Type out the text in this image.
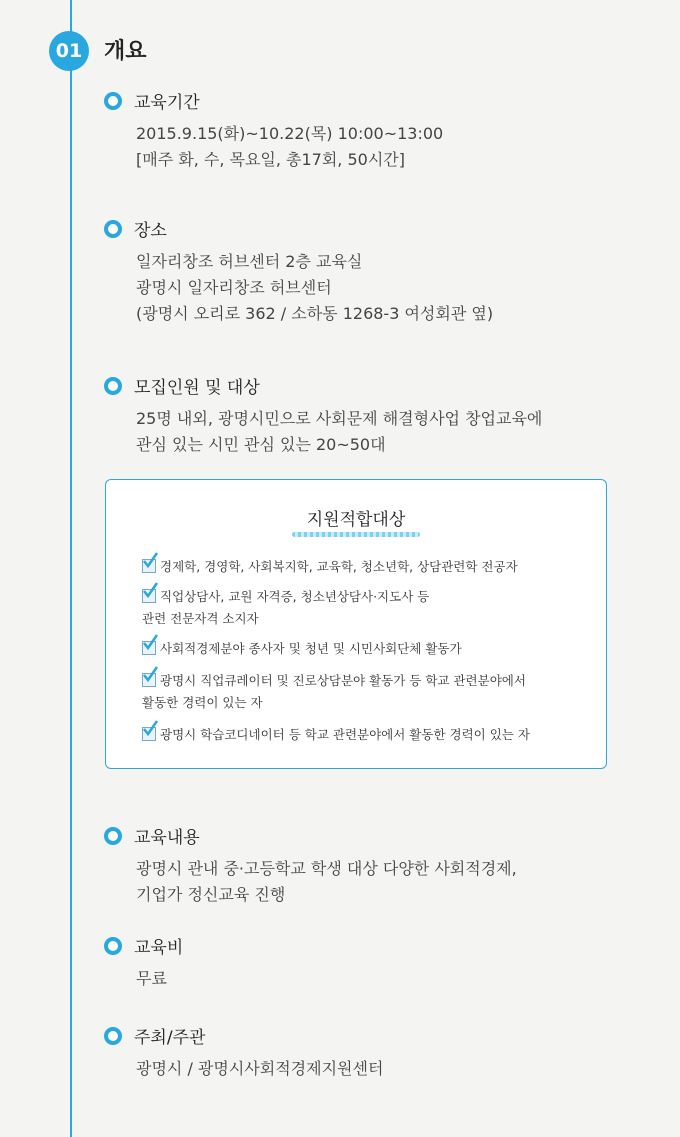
01 개요
교육기간
2015.9.15(화)~10.22(목) 10:00~13:00
[매주 화, 수, 목요일, 총17회, 50시간]
장소
일자리창조 허브센터 2층 교육실
광명시 일자리창조 허브센터
(광명시 오리로 362 / 소하동 1268-3 여성회관 옆)
모집인원 및 대상
25명 내외, 광명시민으로 사회문제 해결형사업 창업교육에
관심 있는 시민 관심 있는 20~50대
지원적합대상
경제학, 경영학, 사회복지학, 교육학, 청소년학, 상담관련학 전공자
직업상담사, 교원 자격증, 청소년상담사·지도사 등
관련 전문자격 소지자
사회적경제분야 종사자 및 청년 및 시민사회단체 활동가
광명시 직업큐레이터 및 진로상담분야 활동가 등 학교 관련분야에서
활동한 경력이 있는 자
광명시 학습코디네이터 등 학교 관련분야에서 활동한 경력이 있는 자
교육내용
광명시 관내 중·고등학교 학생 대상 다양한 사회적경제,
기업가 정신교육 진행
교육비
무료
주최/주관
광명시 / 광명시사회적경제지원센터
